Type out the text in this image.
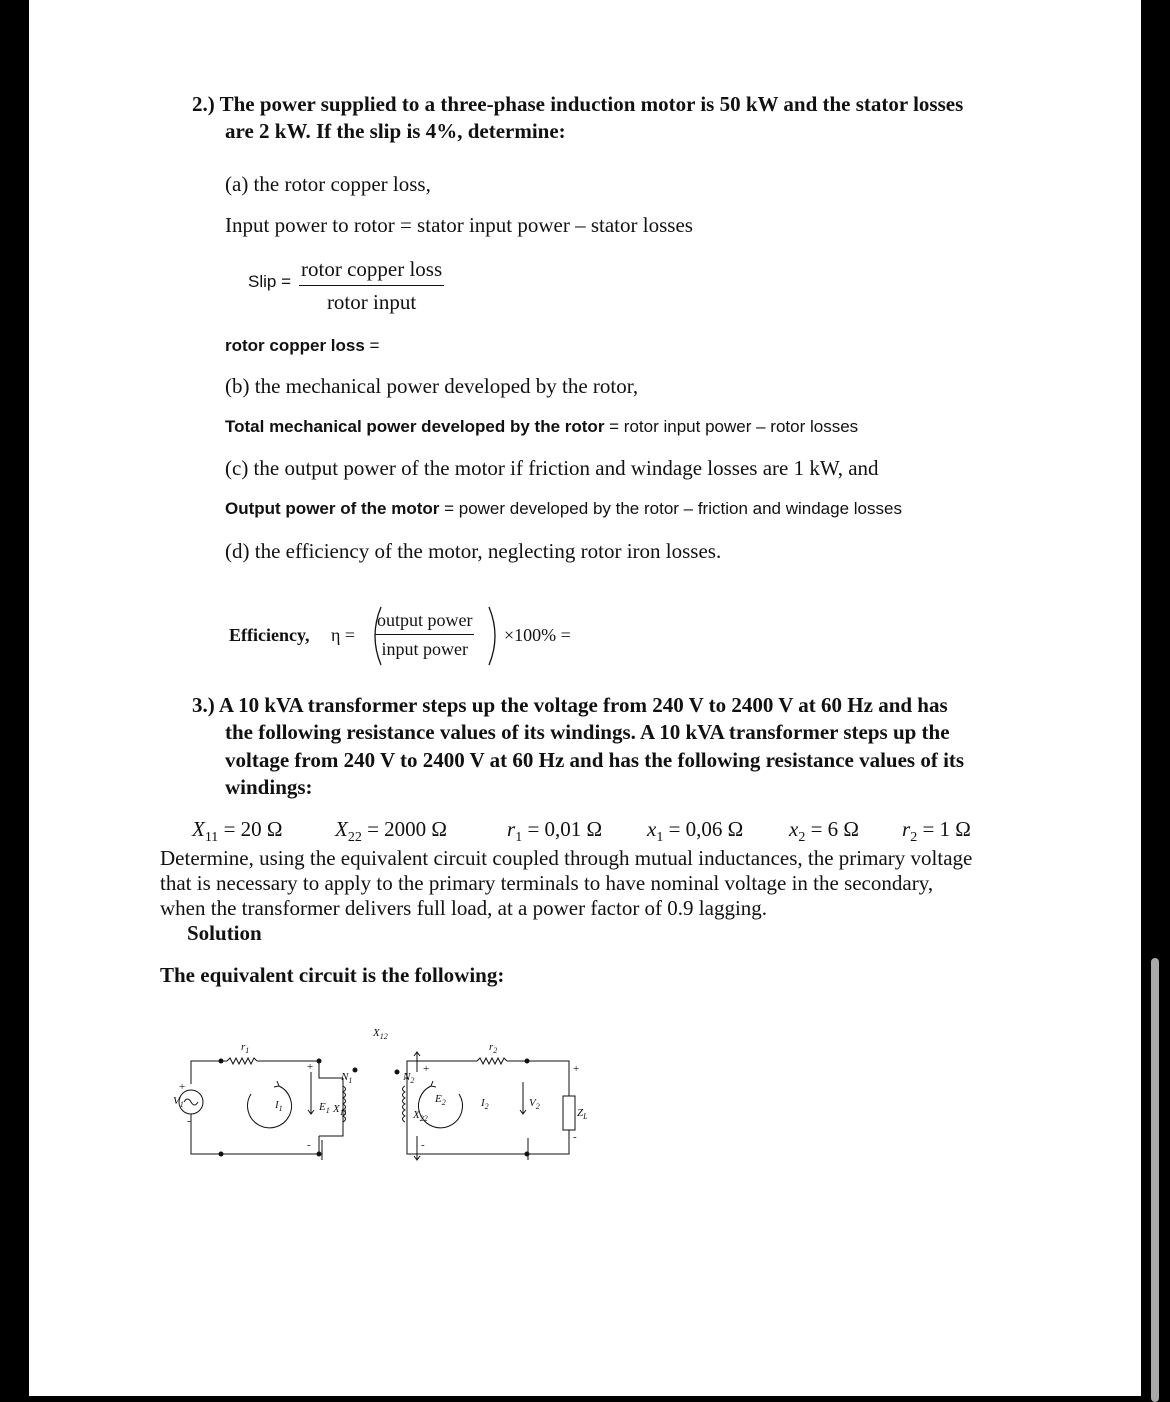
2.) The power supplied to a three-phase induction motor is 50 kW and the stator losses
are 2 kW. If the slip is 4%, determine:
(a) the rotor copper loss,
Input power to rotor = stator input power – stator losses
Slip =
rotor copper loss
rotor input
rotor copper loss =
(b) the mechanical power developed by the rotor,
Total mechanical power developed by the rotor = rotor input power – rotor losses
(c) the output power of the motor if friction and windage losses are 1 kW, and
Output power of the motor = power developed by the rotor – friction and windage losses
(d) the efficiency of the motor, neglecting rotor iron losses.
Efficiency, η =
output power
input power
×100% =
3.) A 10 kVA transformer steps up the voltage from 240 V to 2400 V at 60 Hz and has
the following resistance values of its windings. A 10 kVA transformer steps up the
voltage from 240 V to 2400 V at 60 Hz and has the following resistance values of its
windings:
$X_{11} = 20$ Ω $X_{22} = 2000$ Ω	$r_1 = 0,01$ Ω $x_1 = 0,06$ Ω $x_2 = 6$ Ω $r_2 = 1$ Ω
Determine, using the equivalent circuit coupled through mutual inductances, the primary voltage
that is necessary to apply to the primary terminals to have nominal voltage in the secondary,
when the transformer delivers full load, at a power factor of 0.9 lagging.
Solution
The equivalent circuit is the following:
$X_{12}$
$r_1$	$r_2$
$V_1$
+
-
$I_1$
+
$E_1$ $X_{11}$
-
$N_1$	$N_2$
$X_{22}$
$E_2$
+
-
$I_2$	$V_2$
+
$Z_L$
-
